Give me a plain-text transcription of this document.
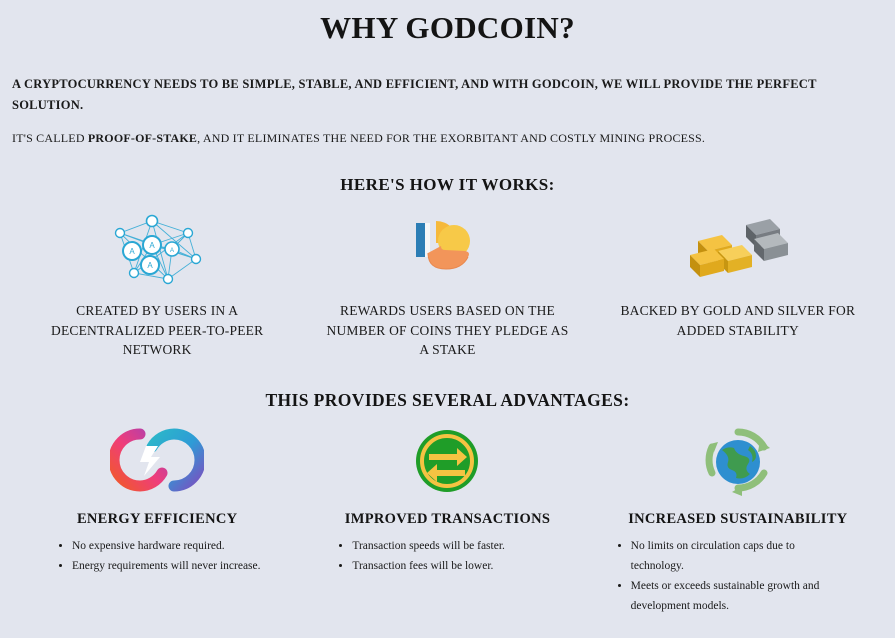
WHY GODCOIN?

A CRYPTOCURRENCY NEEDS TO BE SIMPLE, STABLE, AND EFFICIENT, AND WITH GODCOIN, WE WILL PROVIDE THE PERFECT SOLUTION.

IT'S CALLED PROOF-OF-STAKE, AND IT ELIMINATES THE NEED FOR THE EXORBITANT AND COSTLY MINING PROCESS.

HERE'S HOW IT WORKS:
A
A
A
A
CREATED BY USERS IN A DECENTRALIZED PEER-TO-PEER NETWORK
REWARDS USERS BASED ON THE NUMBER OF COINS THEY PLEDGE AS A STAKE
BACKED BY GOLD AND SILVER FOR ADDED STABILITY
THIS PROVIDES SEVERAL ADVANTAGES:
ENERGY EFFICIENCY
• No expensive hardware required.
• Energy requirements will never increase.
IMPROVED TRANSACTIONS
• Transaction speeds will be faster.
• Transaction fees will be lower.
INCREASED SUSTAINABILITY
• No limits on circulation caps due to technology.
• Meets or exceeds sustainable growth and development models.
